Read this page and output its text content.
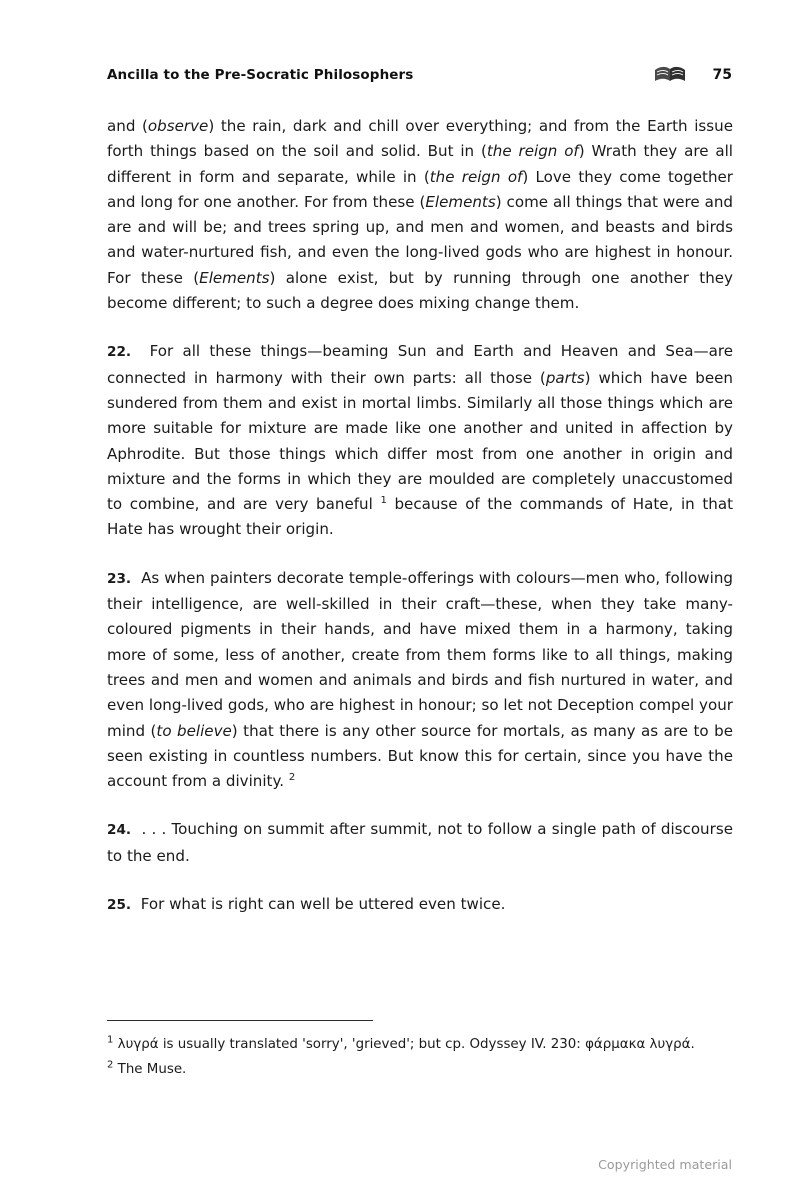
Ancilla to the Pre-Socratic Philosophers	75

and (observe) the rain, dark and chill over everything; and from the Earth issue forth things based on the soil and solid. But in (the reign of) Wrath they are all different in form and separate, while in (the reign of) Love they come together and long for one another. For from these (Elements) come all things that were and are and will be; and trees spring up, and men and women, and beasts and birds and water-nurtured fish, and even the long-lived gods who are highest in honour. For these (Elements) alone exist, but by running through one another they become different; to such a degree does mixing change them.

22. For all these things—beaming Sun and Earth and Heaven and Sea—are connected in harmony with their own parts: all those (parts) which have been sundered from them and exist in mortal limbs. Similarly all those things which are more suitable for mixture are made like one another and united in affection by Aphrodite. But those things which differ most from one another in origin and mixture and the forms in which they are moulded are completely unaccustomed to combine, and are very baneful $^1$ because of the commands of Hate, in that Hate has wrought their origin.

23. As when painters decorate temple-offerings with colours—men who, following their intelligence, are well-skilled in their craft—these, when they take many-coloured pigments in their hands, and have mixed them in a harmony, taking more of some, less of another, create from them forms like to all things, making trees and men and women and animals and birds and fish nurtured in water, and even long-lived gods, who are highest in honour; so let not Deception compel your mind (to believe) that there is any other source for mortals, as many as are to be seen existing in countless numbers. But know this for certain, since you have the account from a divinity. $^2$

24. . . . Touching on summit after summit, not to follow a single path of discourse to the end.

25. For what is right can well be uttered even twice.

$^1$ λυγρά is usually translated 'sorry', 'grieved'; but cp. Odyssey IV. 230: φάρμακα λυγρά.

$^2$ The Muse.

Copyrighted material
